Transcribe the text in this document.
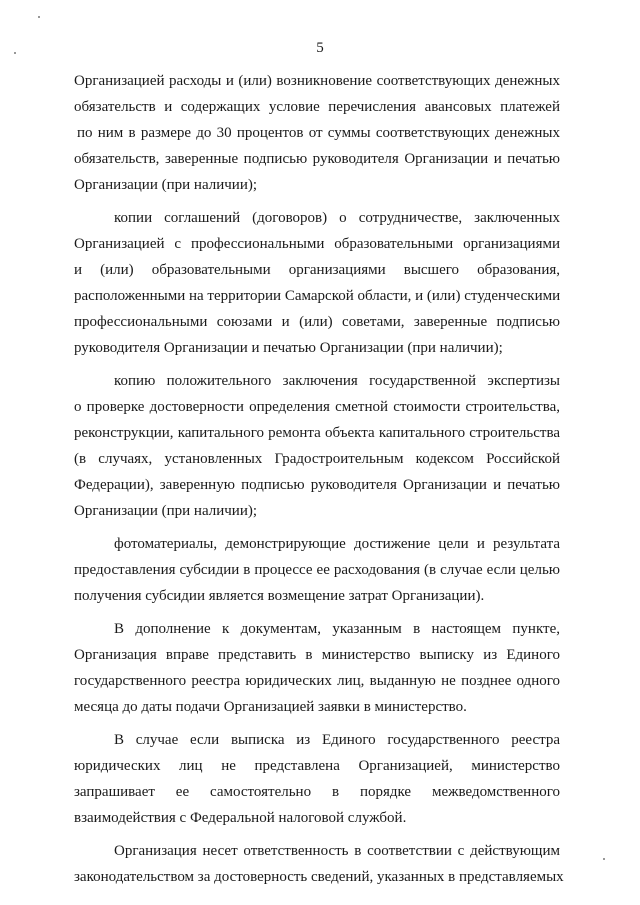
5

Организацией расходы и (или) возникновение соответствующих денежных
обязательств и содержащих условие перечисления авансовых платежей
по ним в размере до 30 процентов от суммы соответствующих денежных
обязательств, заверенные подписью руководителя Организации и печатью
Организации (при наличии);

копии соглашений (договоров) о сотрудничестве, заключенных
Организацией с профессиональными образовательными организациями
и (или) образовательными организациями высшего образования,
расположенными на территории Самарской области, и (или) студенческими
профессиональными союзами и (или) советами, заверенные подписью
руководителя Организации и печатью Организации (при наличии);

копию положительного заключения государственной экспертизы
о проверке достоверности определения сметной стоимости строительства,
реконструкции, капитального ремонта объекта капитального строительства
(в случаях, установленных Градостроительным кодексом Российской
Федерации), заверенную подписью руководителя Организации и печатью
Организации (при наличии);

фотоматериалы, демонстрирующие достижение цели и результата
предоставления субсидии в процессе ее расходования (в случае если целью
получения субсидии является возмещение затрат Организации).

В дополнение к документам, указанным в настоящем пункте,
Организация вправе представить в министерство выписку из Единого
государственного реестра юридических лиц, выданную не позднее одного
месяца до даты подачи Организацией заявки в министерство.

В случае если выписка из Единого государственного реестра
юридических лиц не представлена Организацией, министерство
запрашивает ее самостоятельно в порядке межведомственного
взаимодействия с Федеральной налоговой службой.

Организация несет ответственность в соответствии с действующим
законодательством за достоверность сведений, указанных в представляемых
